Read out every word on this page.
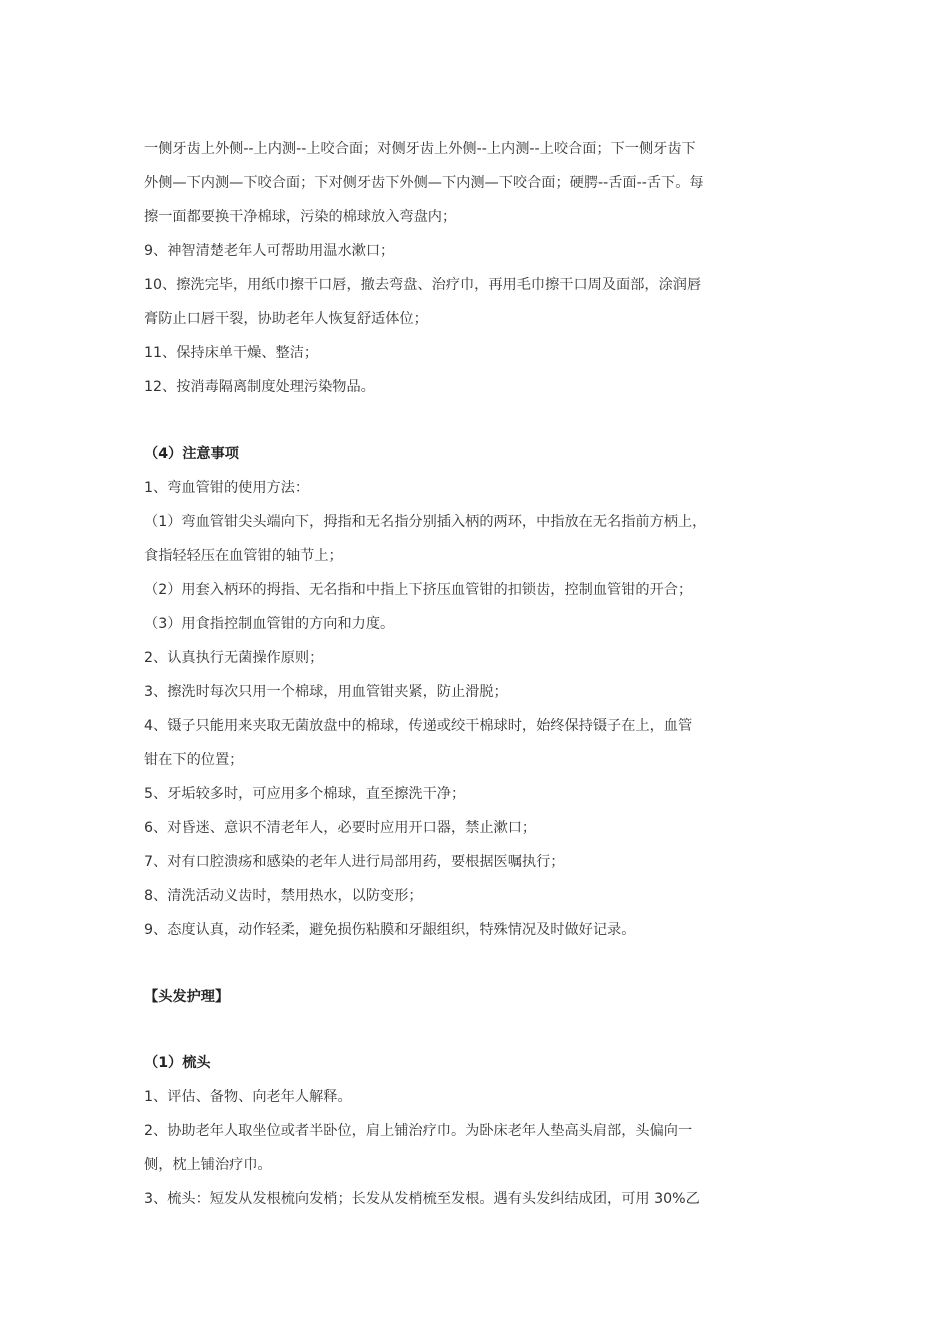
一侧牙齿上外侧--上内测--上咬合面；对侧牙齿上外侧--上内测--上咬合面；下一侧牙齿下
外侧—下内测—下咬合面；下对侧牙齿下外侧—下内测—下咬合面；硬腭--舌面--舌下。每
擦一面都要换干净棉球，污染的棉球放入弯盘内；
9、神智清楚老年人可帮助用温水漱口；
10、擦洗完毕，用纸巾擦干口唇，撤去弯盘、治疗巾，再用毛巾擦干口周及面部，涂润唇
膏防止口唇干裂，协助老年人恢复舒适体位；
11、保持床单干燥、整洁；
12、按消毒隔离制度处理污染物品。
（4）注意事项
1、弯血管钳的使用方法：
（1）弯血管钳尖头端向下，拇指和无名指分别插入柄的两环，中指放在无名指前方柄上，
食指轻轻压在血管钳的轴节上；
（2）用套入柄环的拇指、无名指和中指上下挤压血管钳的扣锁齿，控制血管钳的开合；
（3）用食指控制血管钳的方向和力度。
2、认真执行无菌操作原则；
3、擦洗时每次只用一个棉球，用血管钳夹紧，防止滑脱；
4、镊子只能用来夹取无菌放盘中的棉球，传递或绞干棉球时，始终保持镊子在上，血管
钳在下的位置；
5、牙垢较多时，可应用多个棉球，直至擦洗干净；
6、对昏迷、意识不清老年人，必要时应用开口器，禁止漱口；
7、对有口腔溃疡和感染的老年人进行局部用药，要根据医嘱执行；
8、清洗活动义齿时，禁用热水，以防变形；
9、态度认真，动作轻柔，避免损伤粘膜和牙龈组织，特殊情况及时做好记录。
【头发护理】
（1）梳头
1、评估、备物、向老年人解释。
2、协助老年人取坐位或者半卧位，肩上铺治疗巾。为卧床老年人垫高头肩部，头偏向一
侧，枕上铺治疗巾。
3、梳头：短发从发根梳向发梢；长发从发梢梳至发根。遇有头发纠结成团，可用 30%乙
